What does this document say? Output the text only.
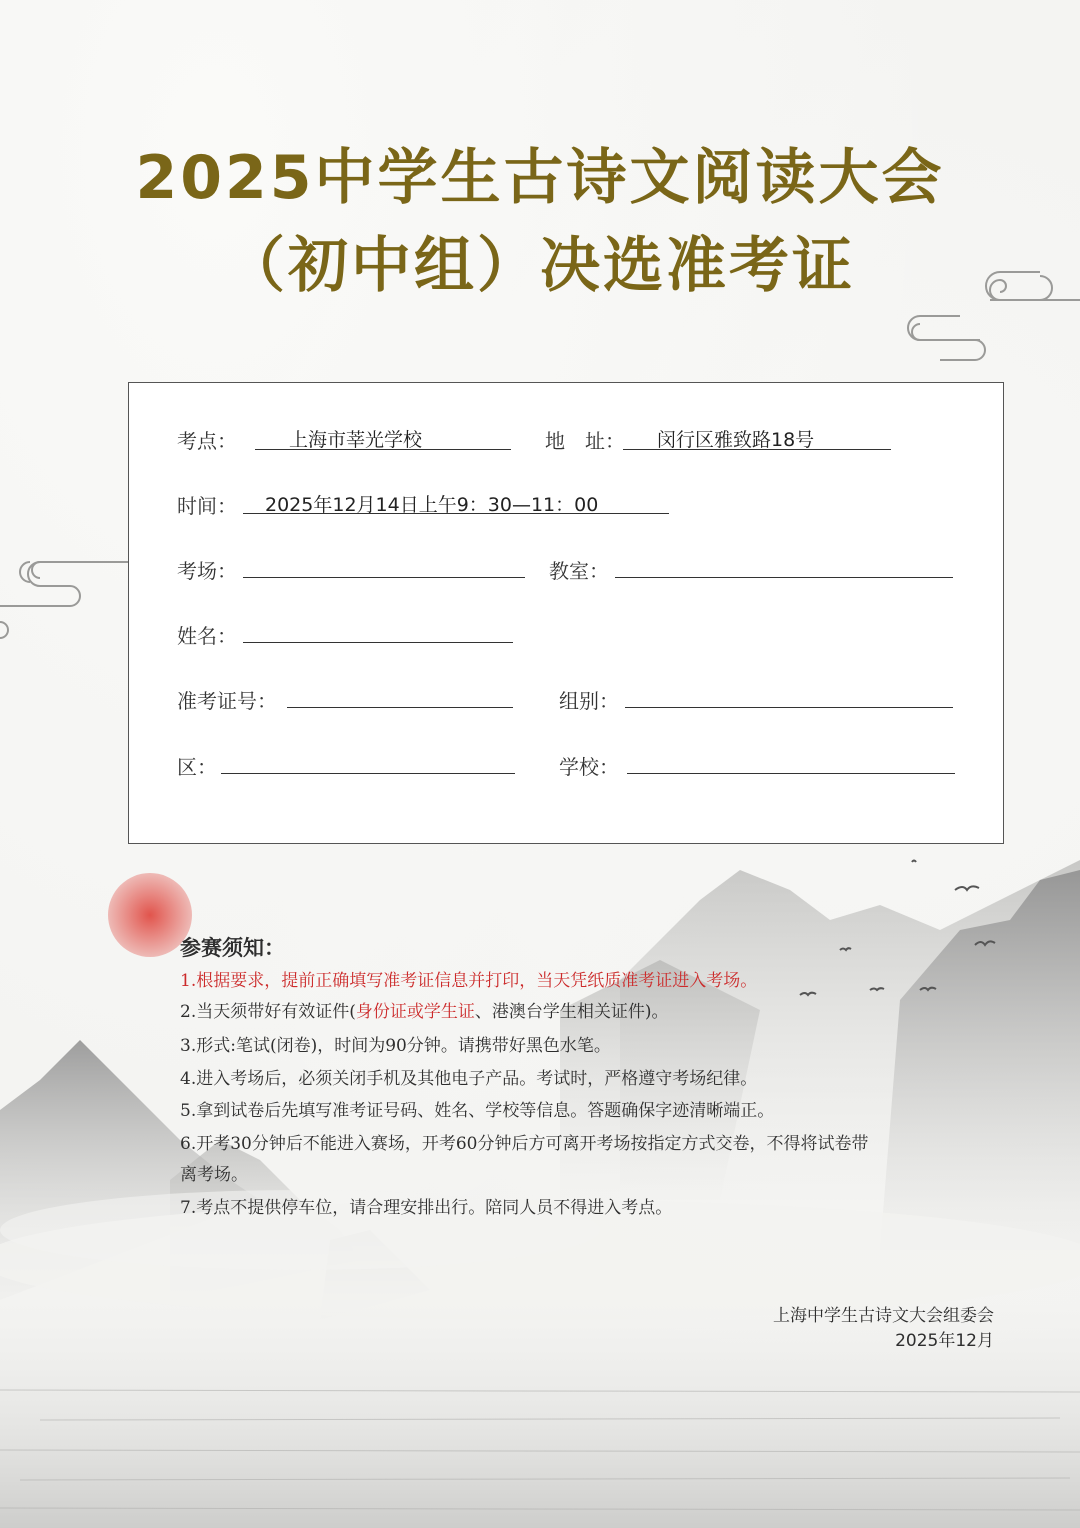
2025中学生古诗文阅读大会
（初中组）决选准考证
考点：	上海市莘光学校	地　址： 闵行区雅致路18号
时间： 2025年12月14日上午9：30—11：00
考场：	教室：
姓名：
准考证号：	组别：
区：	学校：
参赛须知：
1.根据要求，提前正确填写准考证信息并打印，当天凭纸质准考证进入考场。
2.当天须带好有效证件(身份证或学生证、港澳台学生相关证件)。
3.形式:笔试(闭卷)，时间为90分钟。请携带好黑色水笔。
4.进入考场后，必须关闭手机及其他电子产品。考试时，严格遵守考场纪律。
5.拿到试卷后先填写准考证号码、姓名、学校等信息。答题确保字迹清晰端正。
6.开考30分钟后不能进入赛场，开考60分钟后方可离开考场按指定方式交卷，不得将试卷带
离考场。
7.考点不提供停车位，请合理安排出行。陪同人员不得进入考点。
上海中学生古诗文大会组委会
2025年12月
